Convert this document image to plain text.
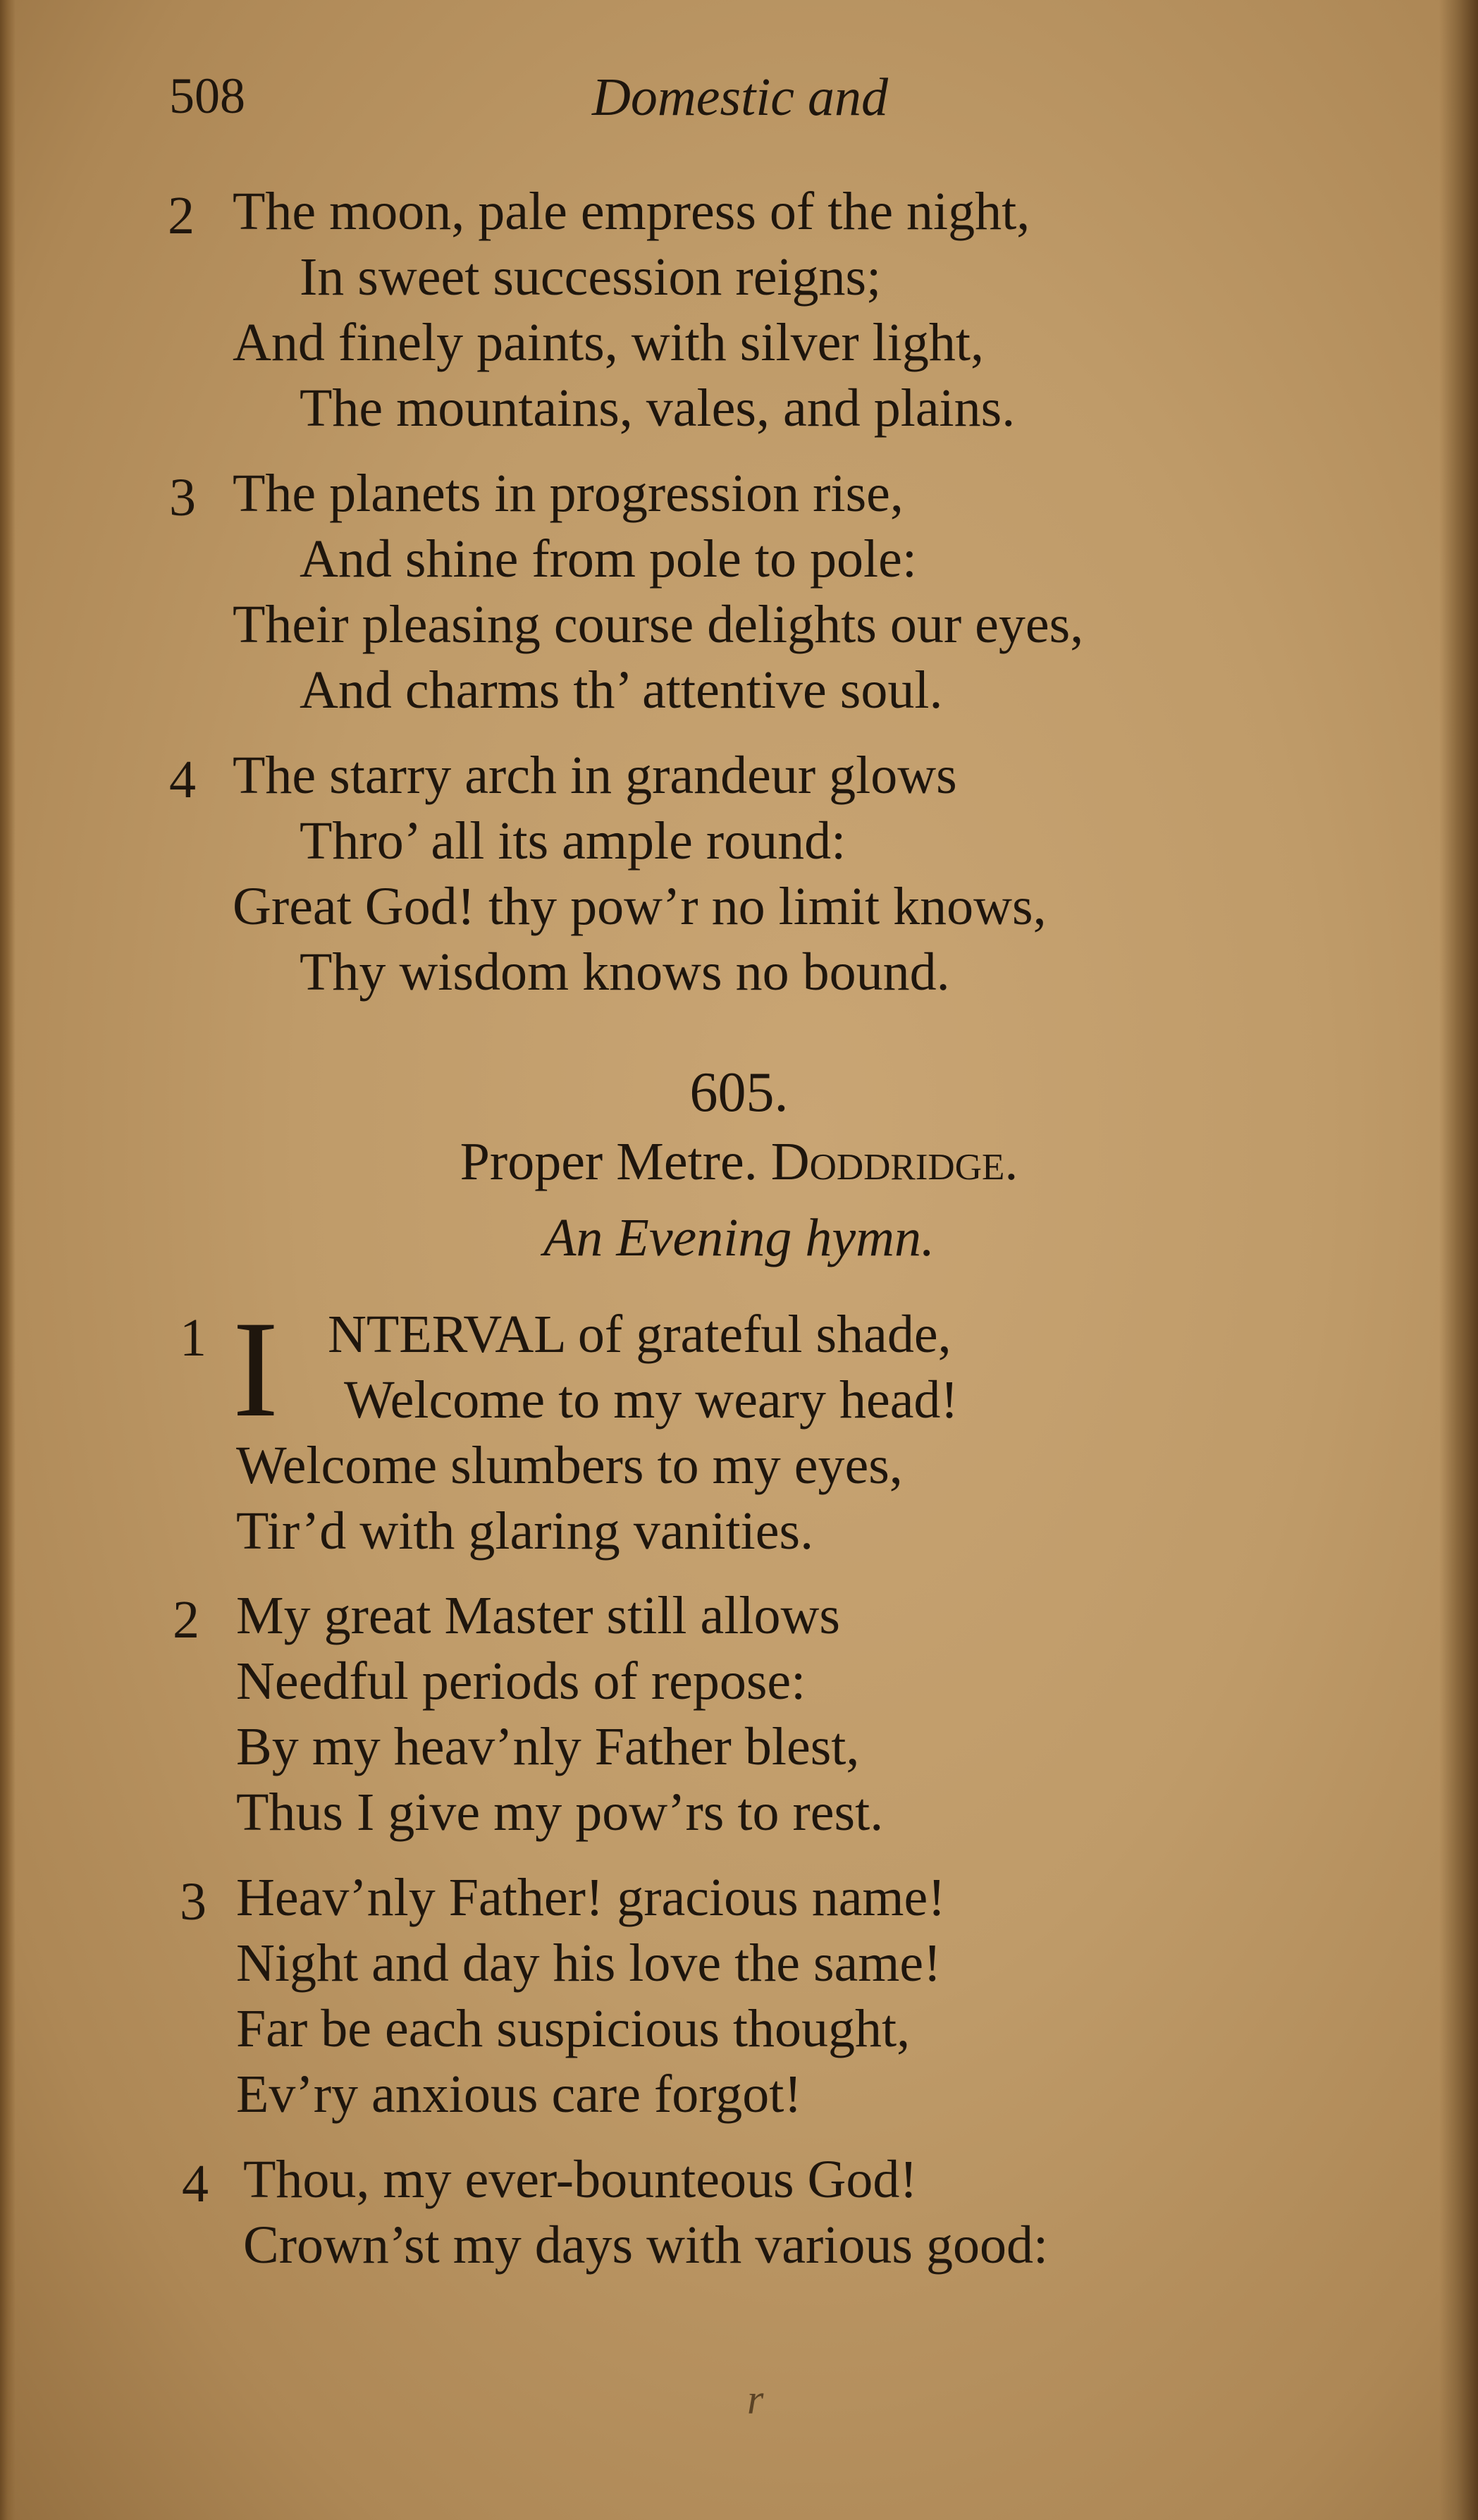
508	Domestic and
2 The moon, pale empress of the night,
In sweet succession reigns;
And finely paints, with silver light,
The mountains, vales, and plains.
3 The planets in progression rise,
And shine from pole to pole:
Their pleasing course delights our eyes,
And charms th’ attentive soul.
4 The starry arch in grandeur glows
Thro’ all its ample round:
Great God! thy pow’r no limit knows,
Thy wisdom knows no bound.
605.
Proper Metre. Doddridge.
An Evening hymn.
1 I NTERVAL of grateful shade,
Welcome to my weary head!
Welcome slumbers to my eyes,
Tir’d with glaring vanities.
2 My great Master still allows
Needful periods of repose:
By my heav’nly Father blest,
Thus I give my pow’rs to rest.
3 Heav’nly Father! gracious name!
Night and day his love the same!
Far be each suspicious thought,
Ev’ry anxious care forgot!
4 Thou, my ever-bounteous God!
Crown’st my days with various good:
r
